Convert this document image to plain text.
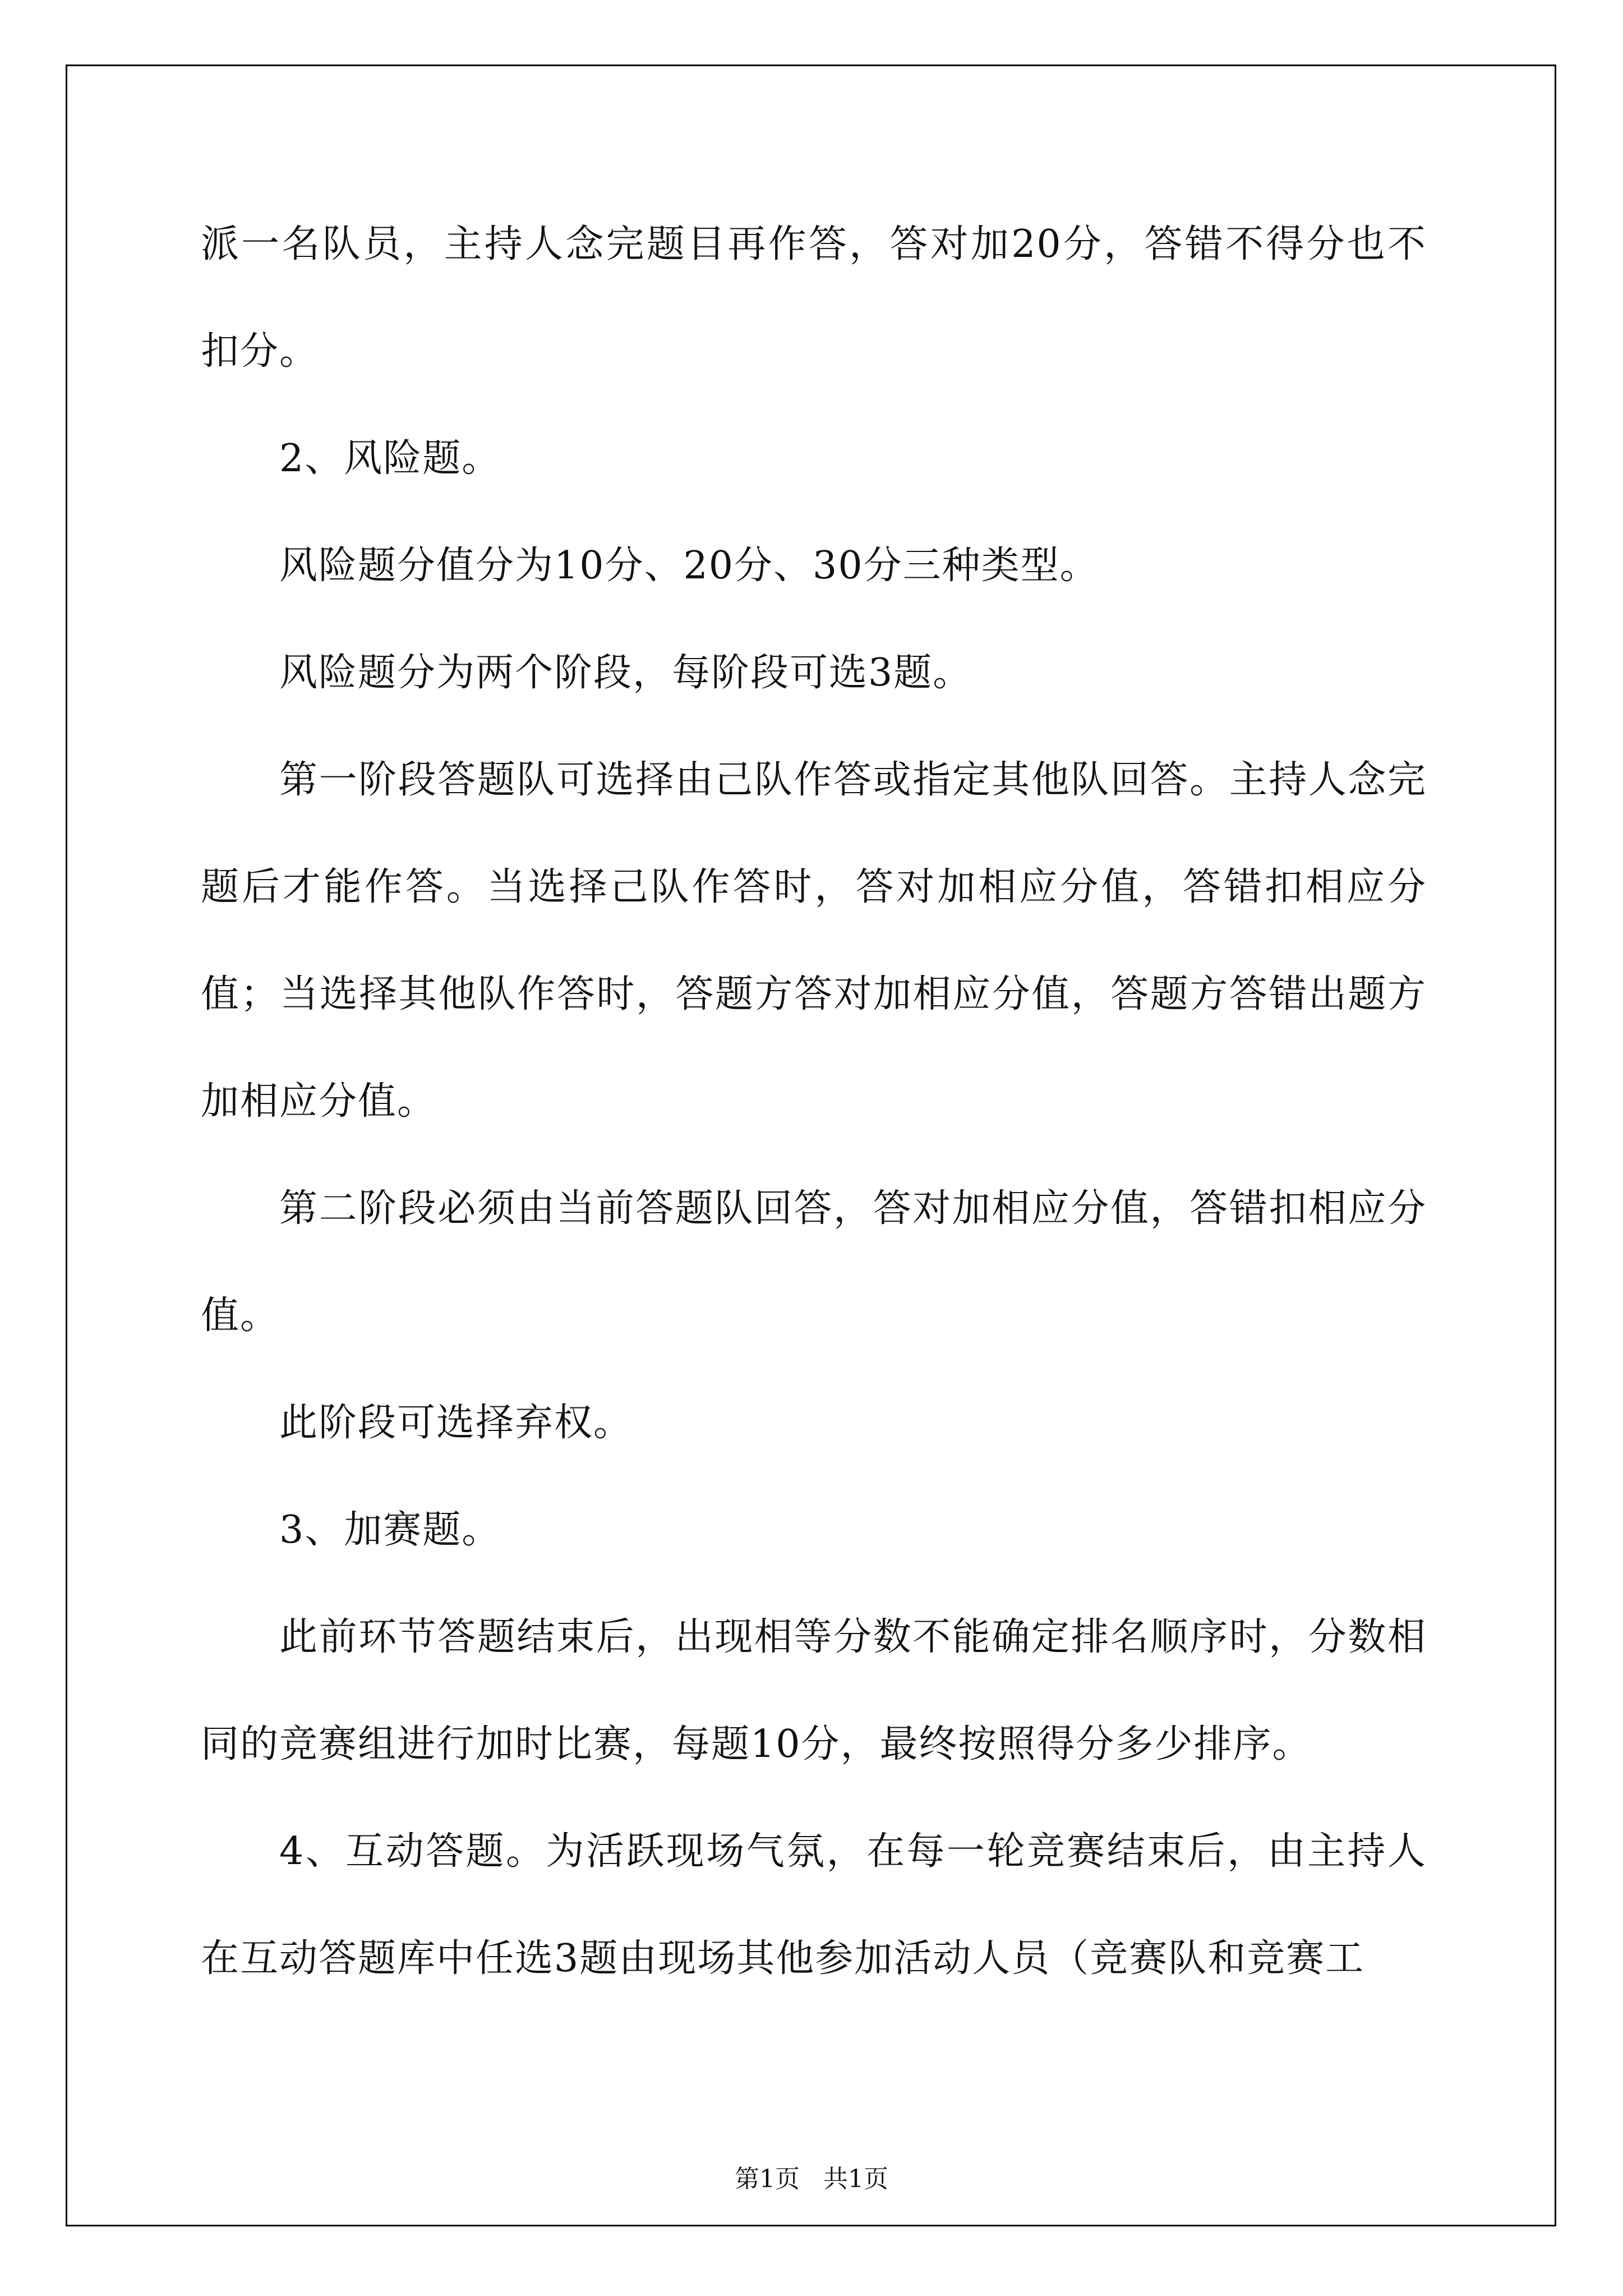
派一名队员，主持人念完题目再作答，答对加20分，答错不得分也不扣分。

2、风险题。

风险题分值分为10分、20分、30分三种类型。

风险题分为两个阶段，每阶段可选3题。

第一阶段答题队可选择由己队作答或指定其他队回答。主持人念完题后才能作答。当选择己队作答时，答对加相应分值，答错扣相应分值；当选择其他队作答时，答题方答对加相应分值，答题方答错出题方加相应分值。

第二阶段必须由当前答题队回答，答对加相应分值，答错扣相应分值。

此阶段可选择弃权。

3、加赛题。

此前环节答题结束后，出现相等分数不能确定排名顺序时，分数相同的竞赛组进行加时比赛，每题10分，最终按照得分多少排序。

4、互动答题。为活跃现场气氛，在每一轮竞赛结束后，由主持人在互动答题库中任选3题由现场其他参加活动人员（竞赛队和竞赛工

第1页   共1页
